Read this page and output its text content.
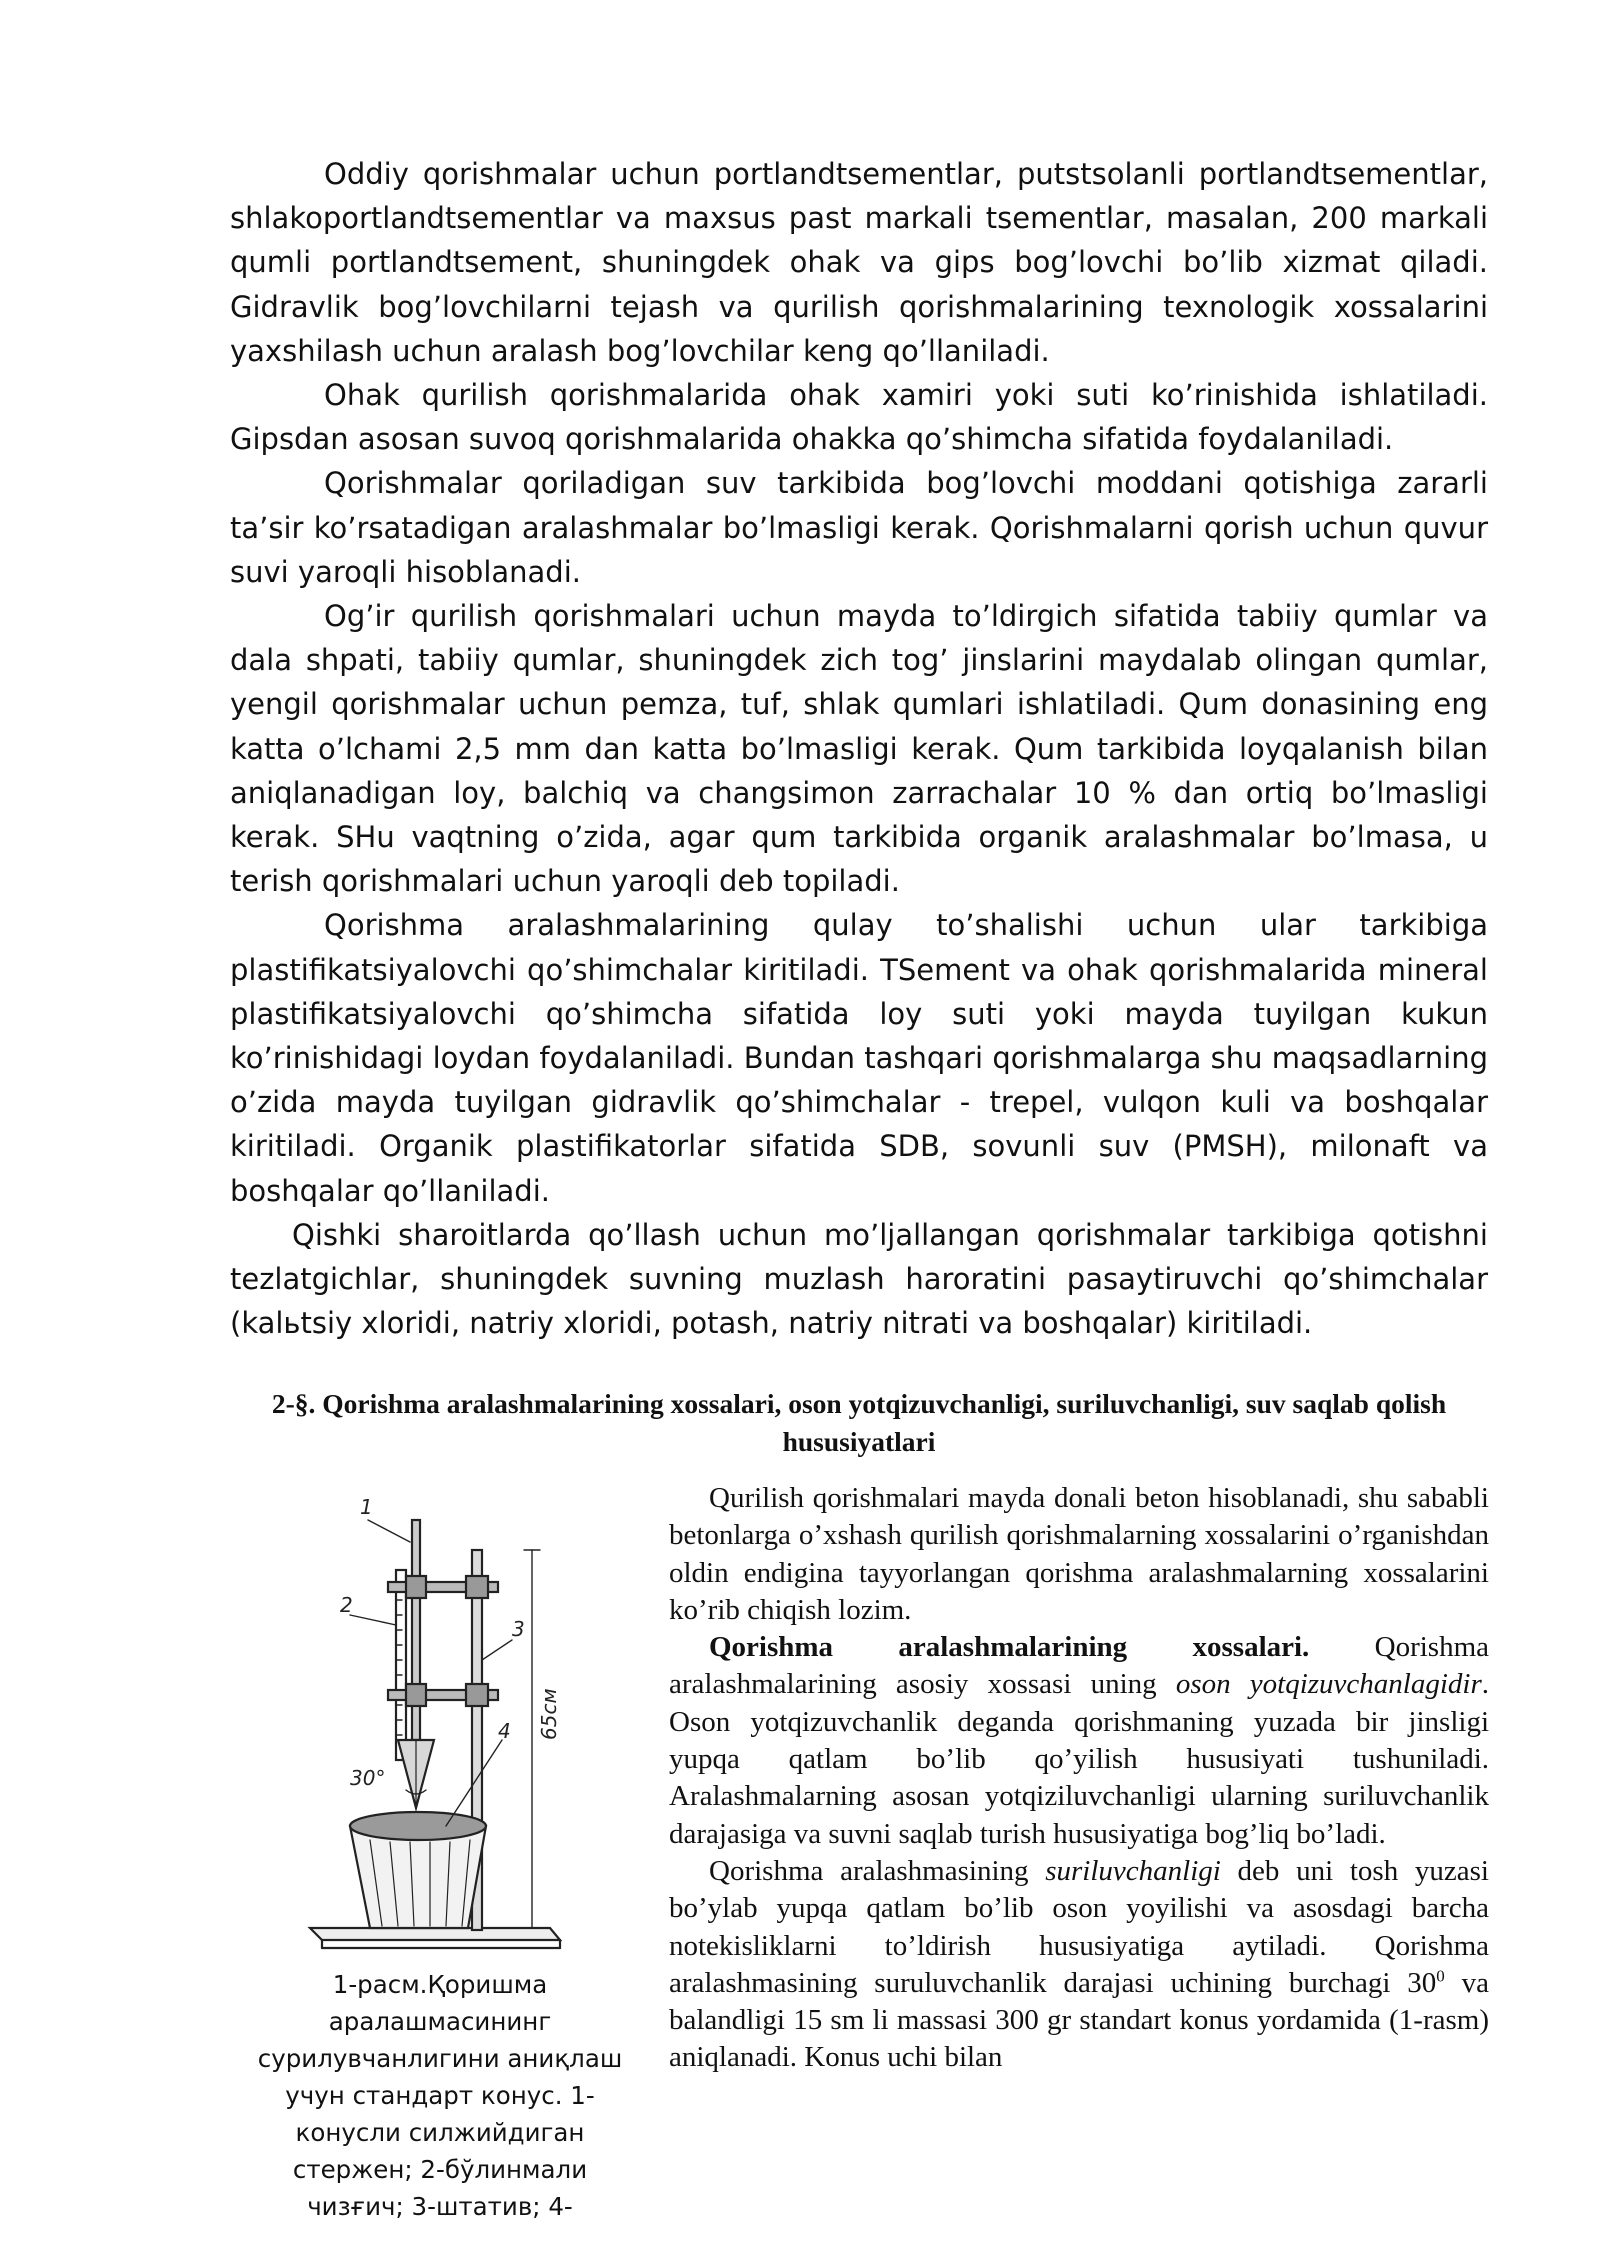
Oddiy qorishmalar uchun portlandtsementlar, putstsolanli portlandtsementlar, shlakoportlandtsementlar va maxsus past markali tsementlar, masalan, 200 markali qumli portlandtsement, shuningdek ohak va gips bog’lovchi bo’lib xizmat qiladi. Gidravlik bog’lovchilarni tejash va qurilish qorishmalarining texnologik xossalarini yaxshilash uchun aralash bog’lovchilar keng qo’llaniladi.

Ohak qurilish qorishmalarida ohak xamiri yoki suti ko’rinishida ishlatiladi. Gipsdan asosan suvoq qorishmalarida ohakka qo’shimcha sifatida foydalaniladi.

Qorishmalar qoriladigan suv tarkibida bog’lovchi moddani qotishiga zararli ta’sir ko’rsatadigan aralashmalar bo’lmasligi kerak. Qorishmalarni qorish uchun quvur suvi yaroqli hisoblanadi.

Og’ir qurilish qorishmalari uchun mayda to’ldirgich sifatida tabiiy qumlar va dala shpati, tabiiy qumlar, shuningdek zich tog’ jinslarini maydalab olingan qumlar, yengil qorishmalar uchun pemza, tuf, shlak qumlari ishlatiladi. Qum donasining eng katta o’lchami 2,5 mm dan katta bo’lmasligi kerak. Qum tarkibida loyqalanish bilan aniqlanadigan loy, balchiq va changsimon zarrachalar 10 % dan ortiq bo’lmasligi kerak. SHu vaqtning o’zida, agar qum tarkibida organik aralashmalar bo’lmasa, u terish qorishmalari uchun yaroqli deb topiladi.

Qorishma aralashmalarining qulay to’shalishi uchun ular tarkibiga plastifikatsiyalovchi qo’shimchalar kiritiladi. TSement va ohak qorishmalarida mineral plastifikatsiyalovchi qo’shimcha sifatida loy suti yoki mayda tuyilgan kukun ko’rinishidagi loydan foydalaniladi. Bundan tashqari qorishmalarga shu maqsadlarning o’zida mayda tuyilgan gidravlik qo’shimchalar - trepel, vulqon kuli va boshqalar kiritiladi. Organik plastifikatorlar sifatida SDB, sovunli suv (PMSH), milonaft va boshqalar qo’llaniladi.

Qishki sharoitlarda qo’llash uchun mo’ljallangan qorishmalar tarkibiga qotishni tezlatgichlar, shuningdek suvning muzlash haroratini pasaytiruvchi qo’shimchalar (kalьtsiy xloridi, natriy xloridi, potash, natriy nitrati va boshqalar) kiritiladi.

2-§. Qorishma aralashmalarining xossalari, oson yotqizuvchanligi, suriluvchanligi, suv saqlab qolish hususiyatlari
1
2
3
4
30°
65см
1-расм.Қоришма аралашмасининг сурилувчанлигини аниқлаш учун стандарт конус. 1-конусли силжийдиган стержен; 2-бўлинмали чизғич; 3-штатив; 4-

Qurilish qorishmalari mayda donali beton hisoblanadi, shu sababli betonlarga o’xshash qurilish qorishmalarning xossalarini o’rganishdan oldin endigina tayyorlangan qorishma aralashmalarning xossalarini ko’rib chiqish lozim.

Qorishma aralashmalarining xossalari. Qorishma aralashmalarining asosiy xossasi uning oson yotqizuvchanlagidir. Oson yotqizuvchanlik deganda qorishmaning yuzada bir jinsligi yupqa qatlam bo’lib qo’yilish hususiyati tushuniladi. Aralashmalarning asosan yotqiziluvchanligi ularning suriluvchanlik darajasiga va suvni saqlab turish hususiyatiga bog’liq bo’ladi.

Qorishma aralashmasining suriluvchanligi deb uni tosh yuzasi bo’ylab yupqa qatlam bo’lib oson yoyilishi va asosdagi barcha notekisliklarni to’ldirish hususiyatiga aytiladi. Qorishma aralashmasining suruluvchanlik darajasi uchining burchagi $30^0$ va balandligi 15 sm li massasi 300 gr standart konus yordamida (1-rasm) aniqlanadi. Konus uchi bilan
